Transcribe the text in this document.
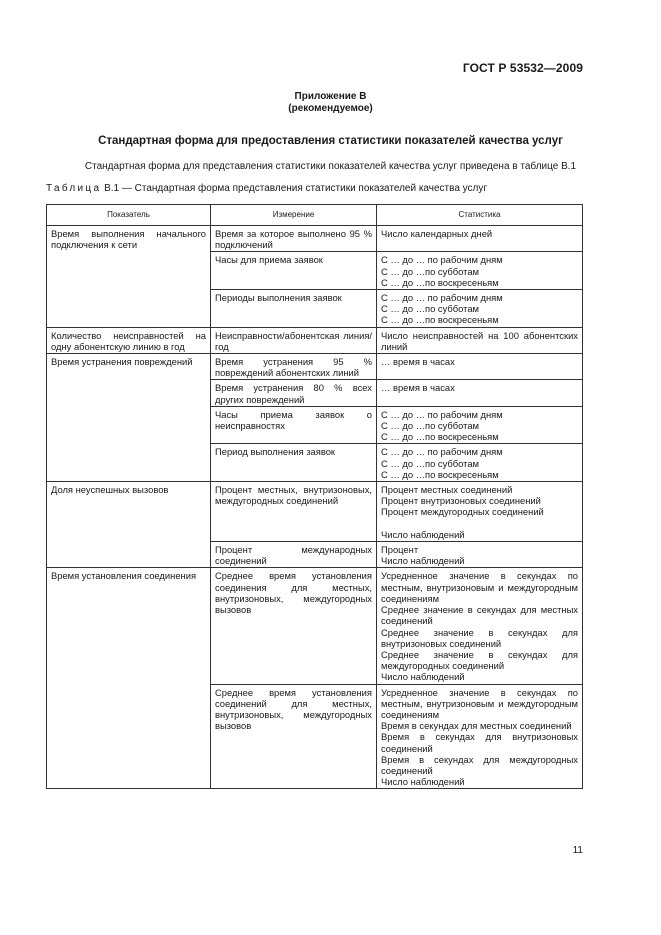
ГОСТ Р 53532—2009
Приложение В
(рекомендуемое)
Стандартная форма для предоставления статистики показателей качества услуг
Стандартная форма для представления статистики показателей качества услуг приведена в таблице В.1
Таблица В.1 — Стандартная форма представления статистики показателей качества услуг
Показатель	Измерение	Статистика
Время выполнения начального подключения к сети	Время за которое выполнено 95 % подключений	Число календарных дней

	Часы для приема заявок	С … до … по рабочим дням
С … до …по субботам
С … до …по воскресеньям

	Периоды выполнения заявок	С … до … по рабочим дням
С … до …по субботам
С … до …по воскресеньям

Количество неисправностей на одну абонентскую линию в год	Неисправности/абонентская линия/год	Число неисправностей на 100 абонентских линий

Время устранения повреждений	Время устранения 95 % повреждений абонентских линий	… время в часах

	Время устранения 80 % всех других повреждений	… время в часах

	Часы приема заявок о неисправностях	С … до … по рабочим дням
С … до …по субботам
С … до …по воскресеньям

	Период выполнения заявок	С … до … по рабочим дням
С … до …по субботам
С … до …по воскресеньям

Доля неуспешных вызовов	Процент местных, внутризоновых, междугородных соединений	Процент местных соединений
Процент внутризоновых соединений
Процент междугородных соединений

Число наблюдений

	Процент международных соединений	Процент
Число наблюдений

Время установления соединения	Среднее время установления соединения для местных, внутризоновых, междугородных вызовов	Усредненное значение в секундах по местным, внутризоновым и междугородным соединениям
Среднее значение в секундах для местных соединений
Среднее значение в секундах для внутризоновых соединений
Среднее значение в секундах для междугородных соединений
Число наблюдений

	Среднее время установления соединений для местных, внутризоновых, междугородных вызовов	Усредненное значение в секундах по местным, внутризоновым и междугородным соединениям
Время в секундах для местных соединений
Время в секундах для внутризоновых соединений
Время в секундах для междугородных соединений
Число наблюдений
11
